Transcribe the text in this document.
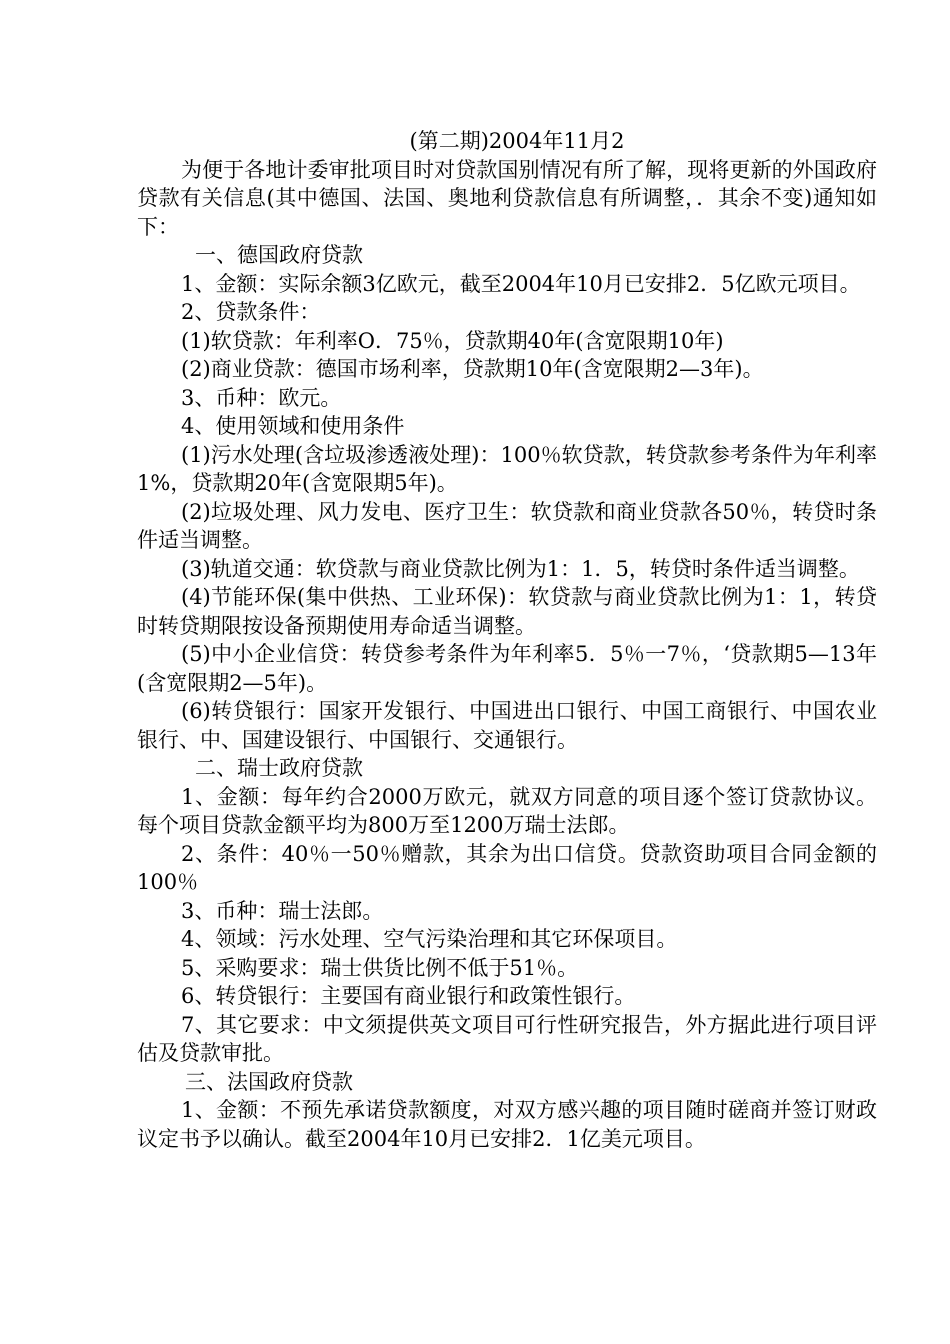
(第二期)2004年11月2

为便于各地计委审批项目时对贷款国别情况有所了解，现将更新的外国政府贷款有关信息(其中德国、法国、奥地利贷款信息有所调整，．其余不变)通知如下：

一、德国政府贷款

1、金额：实际余额3亿欧元，截至2004年10月已安排2．5亿欧元项目。

2、贷款条件：

(1)软贷款：年利率O．75％，贷款期40年(含宽限期10年)

(2)商业贷款：德国市场利率，贷款期10年(含宽限期2—3年)。

3、币种：欧元。

4、使用领域和使用条件

(1)污水处理(含垃圾渗透液处理)：100％软贷款，转贷款参考条件为年利率1%，贷款期20年(含宽限期5年)。

(2)垃圾处理、风力发电、医疗卫生：软贷款和商业贷款各50％，转贷时条件适当调整。

(3)轨道交通：软贷款与商业贷款比例为1：1．5，转贷时条件适当调整。

(4)节能环保(集中供热、工业环保)：软贷款与商业贷款比例为1：1，转贷时转贷期限按设备预期使用寿命适当调整。

(5)中小企业信贷：转贷参考条件为年利率5．5％一7％，‘贷款期5—13年(含宽限期2—5年)。

(6)转贷银行：国家开发银行、中国进出口银行、中国工商银行、中国农业银行、中、国建设银行、中国银行、交通银行。

二、瑞士政府贷款

1、金额：每年约合2000万欧元，就双方同意的项目逐个签订贷款协议。每个项目贷款金额平均为800万至1200万瑞士法郎。

2、条件：40％一50％赠款，其余为出口信贷。贷款资助项目合同金额的100％

3、币种：瑞士法郎。

4、领域：污水处理、空气污染治理和其它环保项目。

5、采购要求：瑞士供货比例不低于51％。

6、转贷银行：主要国有商业银行和政策性银行。

7、其它要求：中文须提供英文项目可行性研究报告，外方据此进行项目评估及贷款审批。

三、法国政府贷款

1、金额：不预先承诺贷款额度，对双方感兴趣的项目随时磋商并签订财政议定书予以确认。截至2004年10月已安排2．1亿美元项目。
